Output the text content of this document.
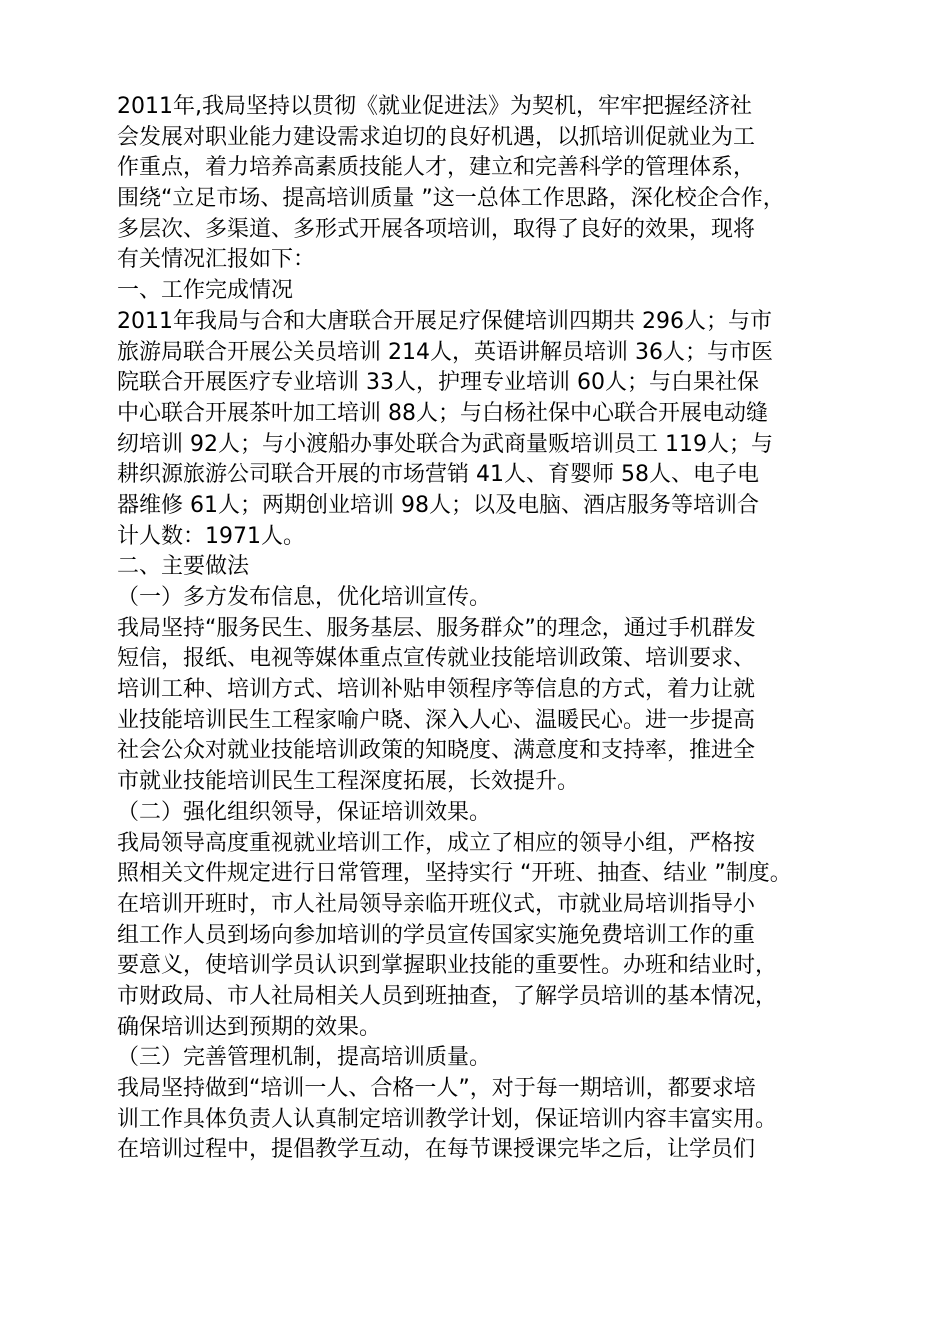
2011年,我局坚持以贯彻《就业促进法》为契机，牢牢把握经济社
会发展对职业能力建设需求迫切的良好机遇，以抓培训促就业为工
作重点，着力培养高素质技能人才，建立和完善科学的管理体系，
围绕“立足市场、提高培训质量 ”这一总体工作思路，深化校企合作，
多层次、多渠道、多形式开展各项培训，取得了良好的效果，现将
有关情况汇报如下：
一、工作完成情况
2011年我局与合和大唐联合开展足疗保健培训四期共 296人；与市
旅游局联合开展公关员培训 214人，英语讲解员培训 36人；与市医
院联合开展医疗专业培训 33人，护理专业培训 60人；与白果社保
中心联合开展茶叶加工培训 88人；与白杨社保中心联合开展电动缝
纫培训 92人；与小渡船办事处联合为武商量贩培训员工 119人；与
耕织源旅游公司联合开展的市场营销 41人、育婴师 58人、电子电
器维修 61人；两期创业培训 98人；以及电脑、酒店服务等培训合
计人数：1971人。
二、主要做法
（一）多方发布信息，优化培训宣传。
我局坚持“服务民生、服务基层、服务群众”的理念，通过手机群发
短信，报纸、电视等媒体重点宣传就业技能培训政策、培训要求、
培训工种、培训方式、培训补贴申领程序等信息的方式，着力让就
业技能培训民生工程家喻户晓、深入人心、温暖民心。进一步提高
社会公众对就业技能培训政策的知晓度、满意度和支持率，推进全
市就业技能培训民生工程深度拓展，长效提升。
（二）强化组织领导，保证培训效果。
我局领导高度重视就业培训工作，成立了相应的领导小组，严格按
照相关文件规定进行日常管理，坚持实行 “开班、抽查、结业 ”制度。
在培训开班时，市人社局领导亲临开班仪式，市就业局培训指导小
组工作人员到场向参加培训的学员宣传国家实施免费培训工作的重
要意义，使培训学员认识到掌握职业技能的重要性。办班和结业时，
市财政局、市人社局相关人员到班抽查，了解学员培训的基本情况，
确保培训达到预期的效果。
（三）完善管理机制，提高培训质量。
我局坚持做到“培训一人、合格一人”，对于每一期培训，都要求培
训工作具体负责人认真制定培训教学计划，保证培训内容丰富实用。
在培训过程中，提倡教学互动，在每节课授课完毕之后，让学员们
